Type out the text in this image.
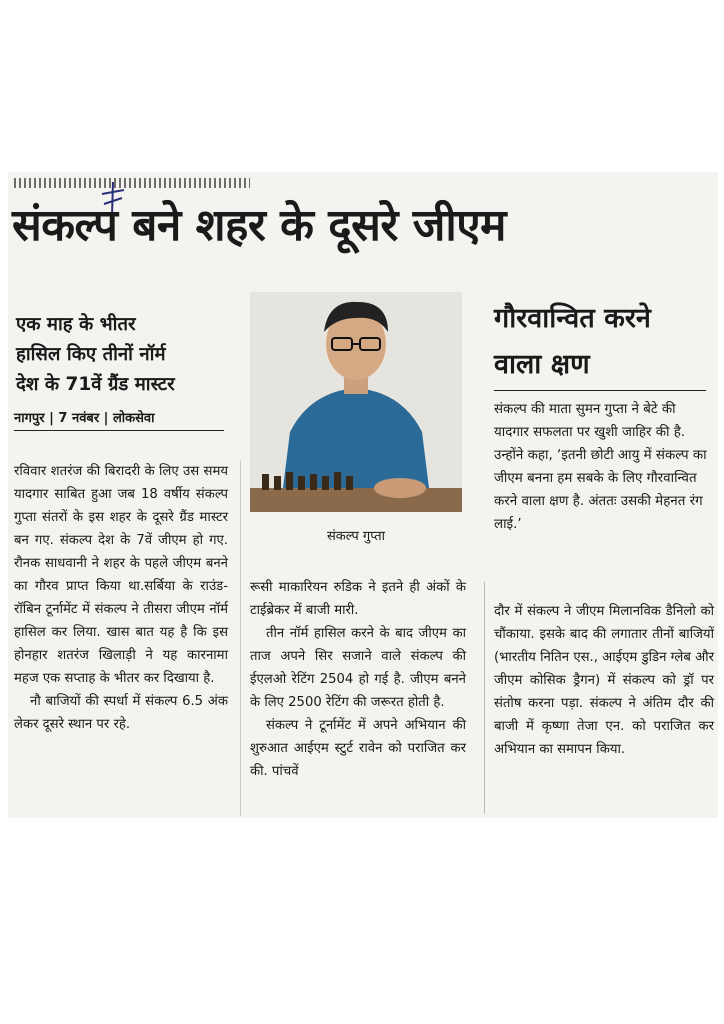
संकल्प बने शहर के दूसरे जीएम
एक माह के भीतर
हासिल किए तीनों नॉर्म
देश के 71वें ग्रैंड मास्टर
नागपुर | 7 नवंबर | लोकसेवा

रविवार शतरंज की बिरादरी के लिए उस समय यादगार साबित हुआ जब 18 वर्षीय संकल्प गुप्ता संतरों के इस शहर के दूसरे ग्रैंड मास्टर बन गए. संकल्प देश के 7वें जीएम हो गए. रौनक साधवानी ने शहर के पहले जीएम बनने का गौरव प्राप्त किया था.सर्बिया के राउंड-रॉबिन टूर्नामेंट में संकल्प ने तीसरा जीएम नॉर्म हासिल कर लिया. खास बात यह है कि इस होनहार शतरंज खिलाड़ी ने यह कारनामा महज एक सप्ताह के भीतर कर दिखाया है.

नौ बाजियों की स्पर्धा में संकल्प 6.5 अंक लेकर दूसरे स्थान पर रहे.

संकल्प गुप्ता

रूसी माकारियन रुडिक ने इतने ही अंकों के टाईब्रेकर में बाजी मारी.

तीन नॉर्म हासिल करने के बाद जीएम का ताज अपने सिर सजाने वाले संकल्प की ईएलओ रेटिंग 2504 हो गई है. जीएम बनने के लिए 2500 रेटिंग की जरूरत होती है.

संकल्प ने टूर्नामेंट में अपने अभियान की शुरुआत आईएम स्टुर्ट रावेन को पराजित कर की. पांचवें

गौरवान्वित करने
वाला क्षण
संकल्प की माता सुमन गुप्ता ने बेटे की यादगार सफलता पर खुशी जाहिर की है. उन्होंने कहा, ‘इतनी छोटी आयु में संकल्प का जीएम बनना हम सबके के लिए गौरवान्वित करने वाला क्षण है. अंततः उसकी मेहनत रंग लाई.’

दौर में संकल्प ने जीएम मिलानविक डैनिलो को चौंकाया. इसके बाद की लगातार तीनों बाजियों (भारतीय नितिन एस., आईएम डुडिन ग्लेब और जीएम कोसिक ड्रैगन) में संकल्प को ड्रॉ पर संतोष करना पड़ा. संकल्प ने अंतिम दौर की बाजी में कृष्णा तेजा एन. को पराजित कर अभियान का समापन किया.
